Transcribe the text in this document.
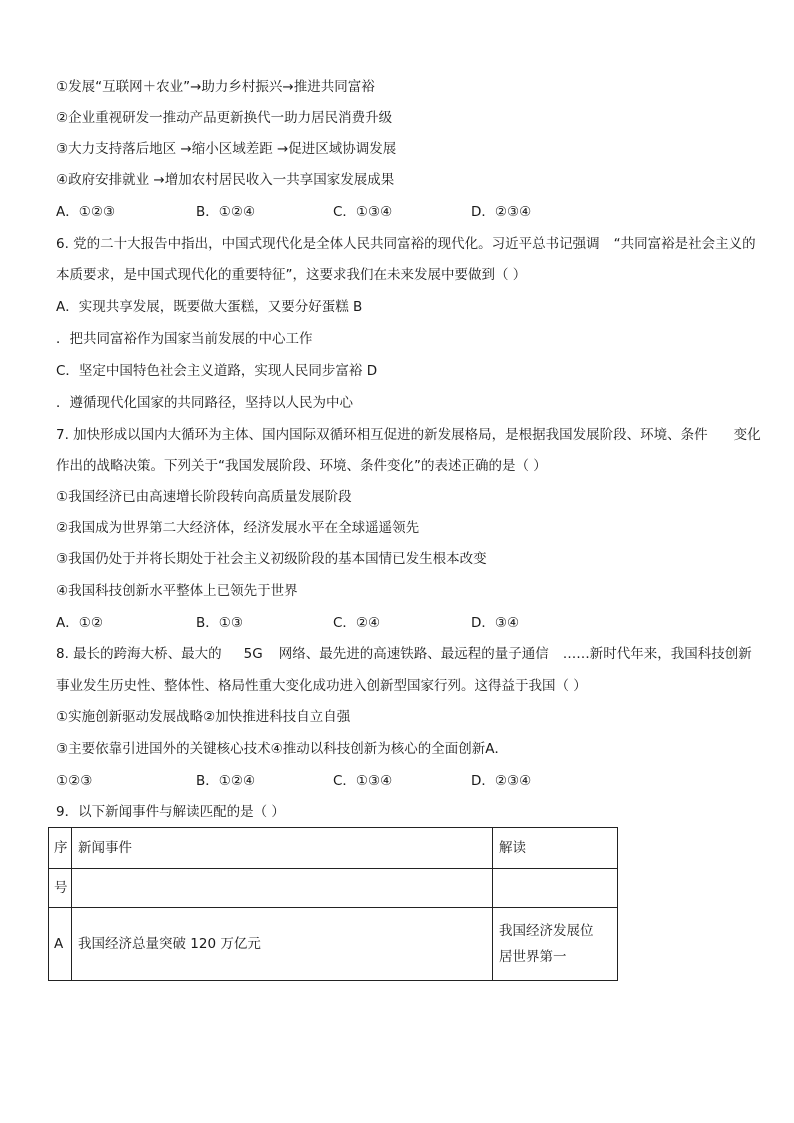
①发展“互联网＋农业”→助力乡村振兴→推进共同富裕
②企业重视研发一推动产品更新换代一助力居民消费升级
③大力支持落后地区 →缩小区域差距 →促进区域协调发展
④政府安排就业 →增加农村居民收入一共享国家发展成果
A．①②③	B．①②④	C．①③④	D．②③④
6. 党的二十大报告中指出，中国式现代化是全体人民共同富裕的现代化。习近平总书记强调 “共同富裕是社会主义的
本质要求，是中国式现代化的重要特征”，这要求我们在未来发展中要做到（ ）
A．实现共享发展，既要做大蛋糕，又要分好蛋糕 B
．把共同富裕作为国家当前发展的中心工作
C．坚定中国特色社会主义道路，实现人民同步富裕 D
．遵循现代化国家的共同路径，坚持以人民为中心
7. 加快形成以国内大循环为主体、国内国际双循环相互促进的新发展格局，是根据我国发展阶段、环境、条件 变化
作出的战略决策。下列关于“我国发展阶段、环境、条件变化”的表述正确的是（ ）
①我国经济已由高速增长阶段转向高质量发展阶段
②我国成为世界第二大经济体，经济发展水平在全球遥遥领先
③我国仍处于并将长期处于社会主义初级阶段的基本国情已发生根本改变
④我国科技创新水平整体上已领先于世界
A．①②	B．①③	C．②④	D．③④
8. 最长的跨海大桥、最大的 5G 网络、最先进的高速铁路、最远程的量子通信 ……新时代年来，我国科技创新
事业发生历史性、整体性、格局性重大变化成功进入创新型国家行列。这得益于我国（ ）
①实施创新驱动发展战略②加快推进科技自立自强
③主要依靠引进国外的关键核心技术④推动以科技创新为核心的全面创新A．
①②③	B．①②④	C．①③④	D．②③④
9．以下新闻事件与解读匹配的是（ ）
序	新闻事件	解读
号		
A	我国经济总量突破 120 万亿元	我国经济发展位
居世界第一
